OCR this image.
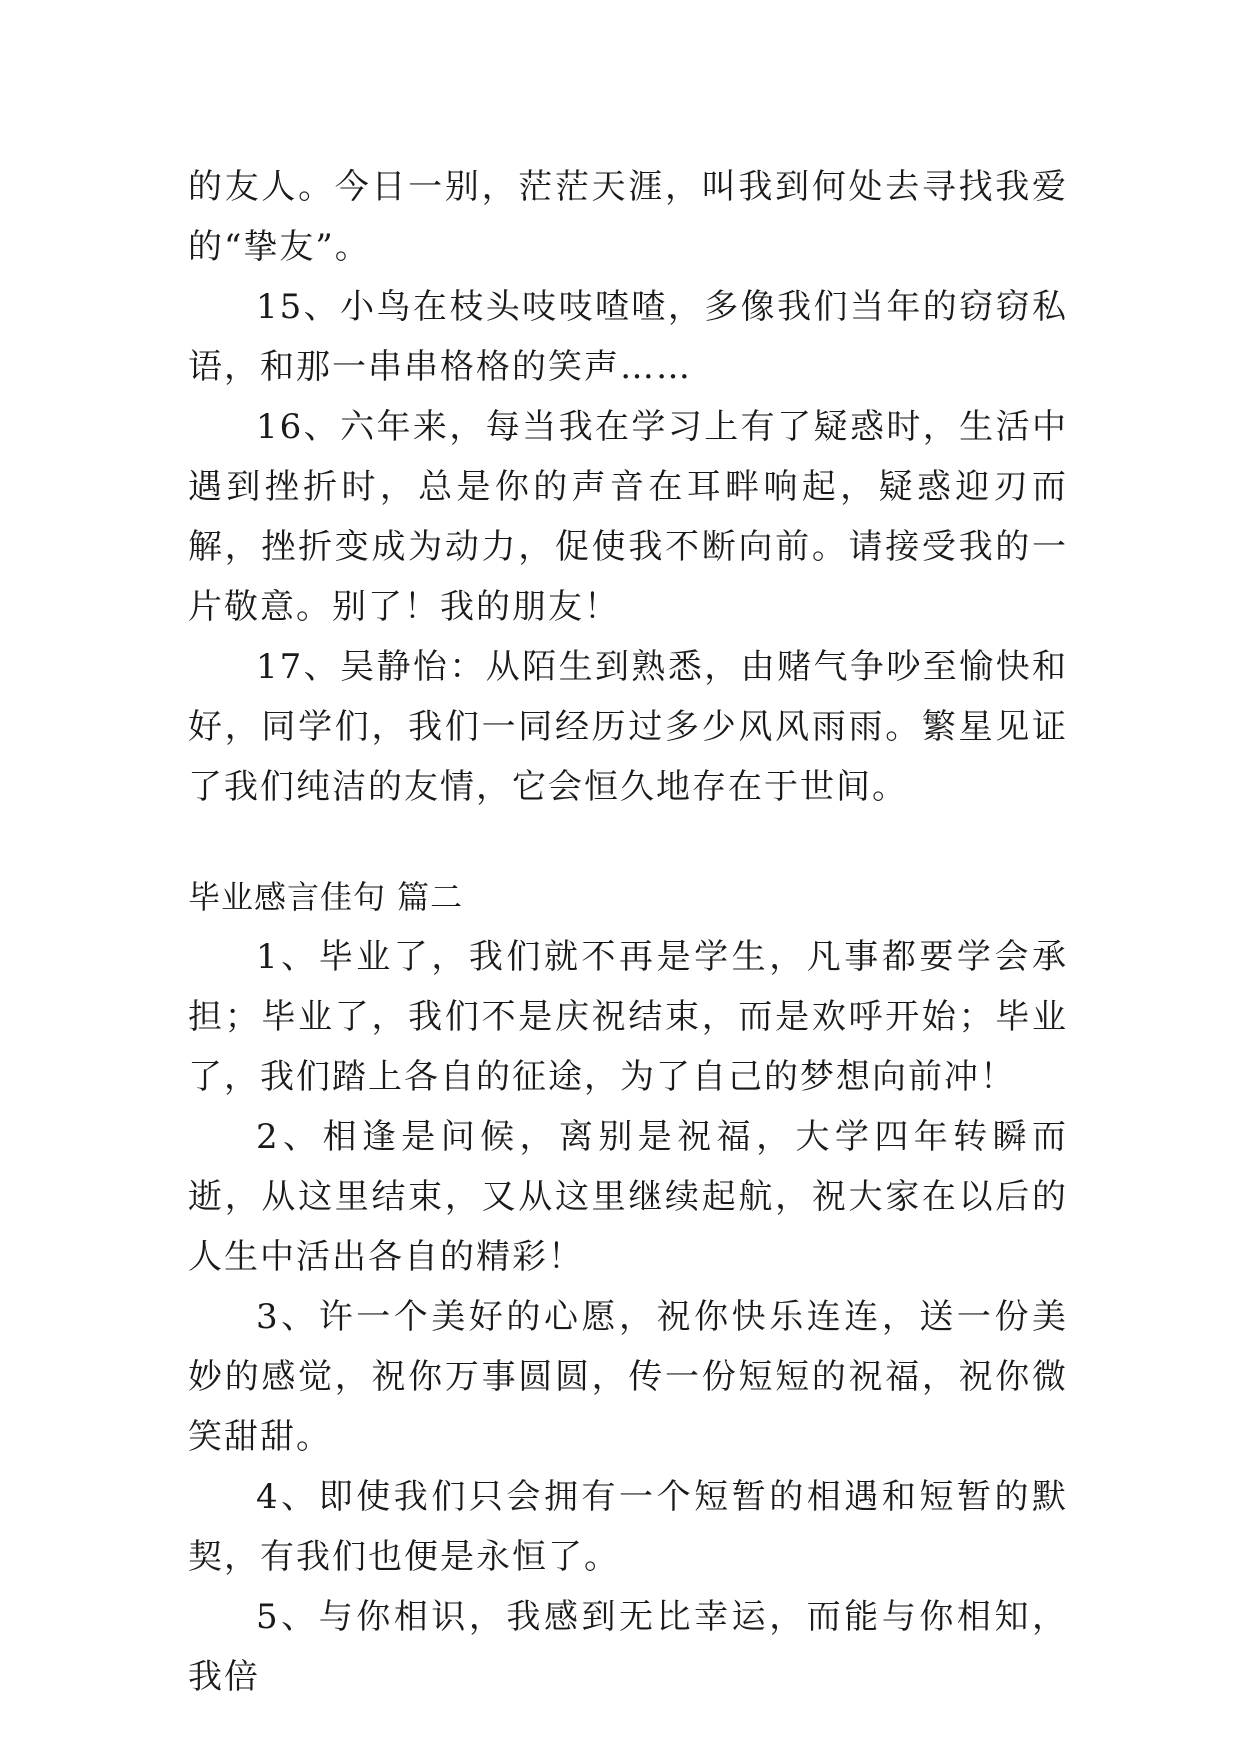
的友人。今日一别，茫茫天涯，叫我到何处去寻找我爱的“挚友”。

15、小鸟在枝头吱吱喳喳，多像我们当年的窃窃私语，和那一串串格格的笑声……

16、六年来，每当我在学习上有了疑惑时，生活中遇到挫折时，总是你的声音在耳畔响起，疑惑迎刃而解，挫折变成为动力，促使我不断向前。请接受我的一片敬意。别了！我的朋友！

17、吴静怡：从陌生到熟悉，由赌气争吵至愉快和好，同学们，我们一同经历过多少风风雨雨。繁星见证了我们纯洁的友情，它会恒久地存在于世间。

毕业感言佳句 篇二

1、毕业了，我们就不再是学生，凡事都要学会承担；毕业了，我们不是庆祝结束，而是欢呼开始；毕业了，我们踏上各自的征途，为了自己的梦想向前冲！

2、相逢是问候，离别是祝福，大学四年转瞬而逝，从这里结束，又从这里继续起航，祝大家在以后的人生中活出各自的精彩！

3、许一个美好的心愿，祝你快乐连连，送一份美妙的感觉，祝你万事圆圆，传一份短短的祝福，祝你微笑甜甜。

4、即使我们只会拥有一个短暂的相遇和短暂的默契，有我们也便是永恒了。

5、与你相识，我感到无比幸运，而能与你相知，我倍
